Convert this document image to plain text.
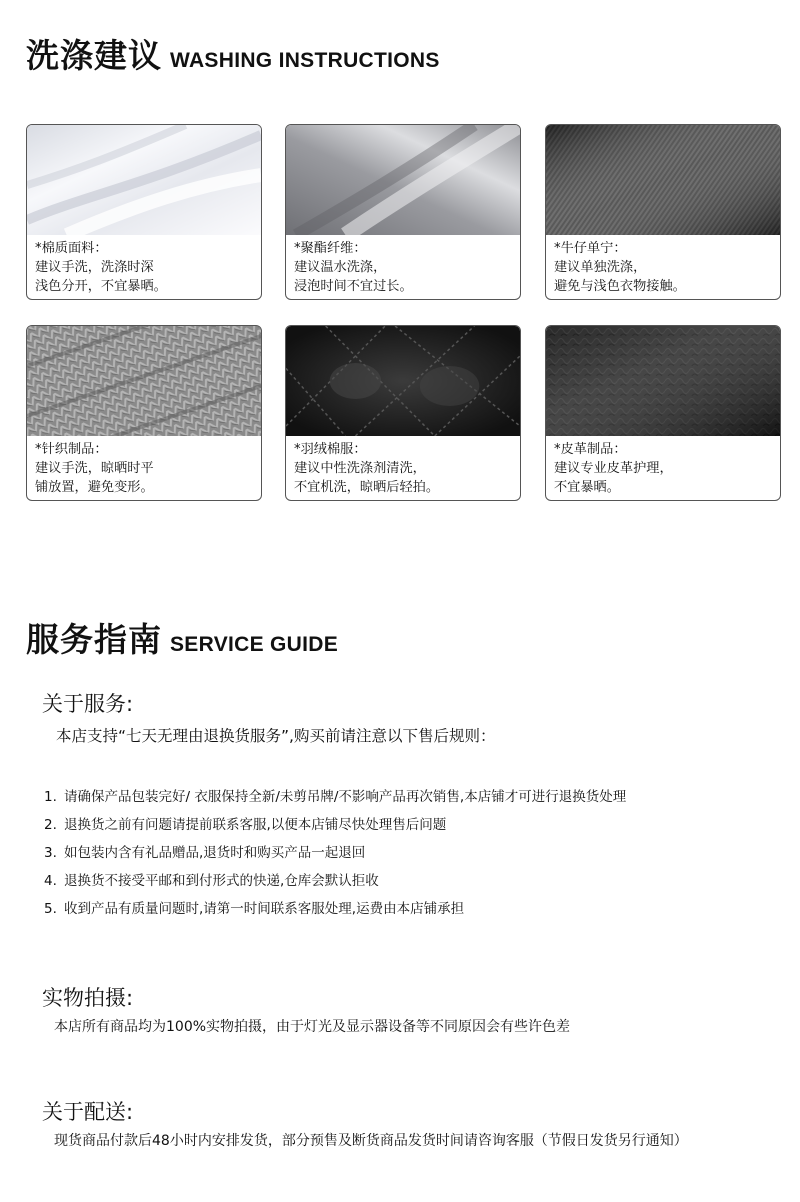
洗涤建议 WASHING INSTRUCTIONS
*棉质面料：
建议手洗，洗涤时深
浅色分开，不宜暴晒。
*聚酯纤维：
建议温水洗涤，
浸泡时间不宜过长。
*牛仔单宁：
建议单独洗涤，
避免与浅色衣物接触。
*针织制品：
建议手洗，晾晒时平
铺放置，避免变形。
*羽绒棉服：
建议中性洗涤剂清洗，
不宜机洗，晾晒后轻拍。
*皮革制品：
建议专业皮革护理，
不宜暴晒。
服务指南 SERVICE GUIDE
关于服务:
本店支持“七天无理由退换货服务”,购买前请注意以下售后规则：
1. 请确保产品包装完好/ 衣服保持全新/未剪吊牌/不影响产品再次销售,本店铺才可进行退换货处理
2. 退换货之前有问题请提前联系客服,以便本店铺尽快处理售后问题
3. 如包装内含有礼品赠品,退货时和购买产品一起退回
4. 退换货不接受平邮和到付形式的快递,仓库会默认拒收
5. 收到产品有质量问题时,请第一时间联系客服处理,运费由本店铺承担
实物拍摄:
本店所有商品均为100%实物拍摄，由于灯光及显示器设备等不同原因会有些许色差
关于配送:
现货商品付款后48小时内安排发货，部分预售及断货商品发货时间请咨询客服（节假日发货另行通知）
